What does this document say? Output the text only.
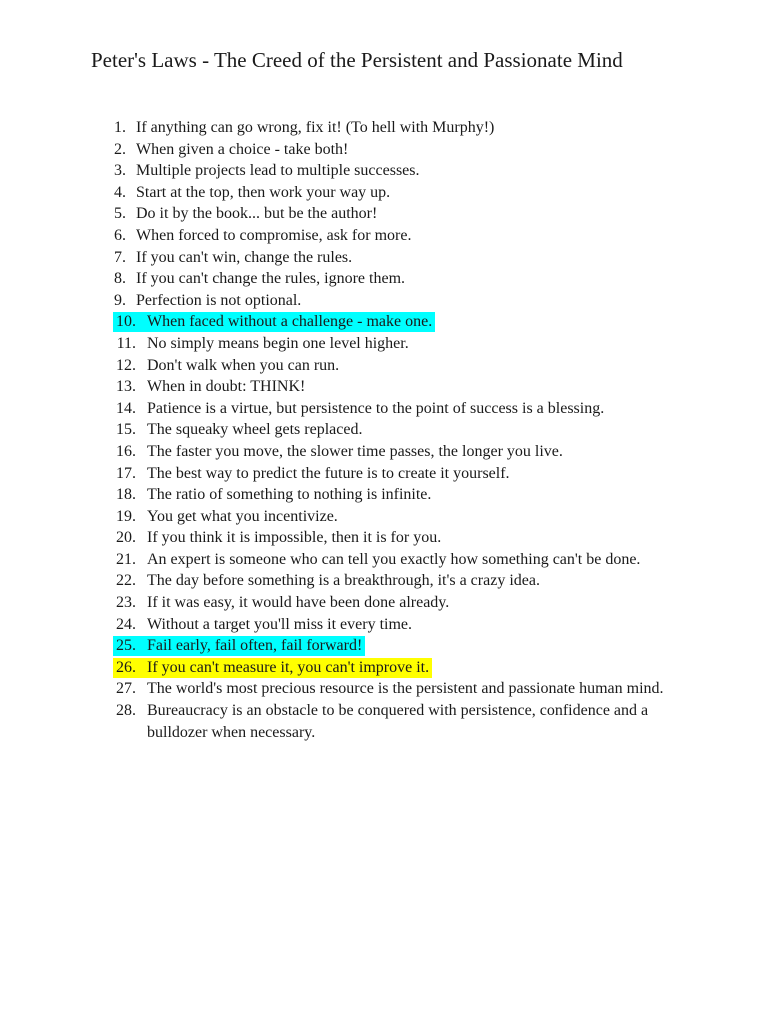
Peter's Laws - The Creed of the Persistent and Passionate Mind
1. If anything can go wrong, fix it! (To hell with Murphy!)
2. When given a choice - take both!
3. Multiple projects lead to multiple successes.
4. Start at the top, then work your way up.
5. Do it by the book... but be the author!
6. When forced to compromise, ask for more.
7. If you can't win, change the rules.
8. If you can't change the rules, ignore them.
9. Perfection is not optional.
10. When faced without a challenge - make one.
11. No simply means begin one level higher.
12. Don't walk when you can run.
13. When in doubt: THINK!
14. Patience is a virtue, but persistence to the point of success is a blessing.
15. The squeaky wheel gets replaced.
16. The faster you move, the slower time passes, the longer you live.
17. The best way to predict the future is to create it yourself.
18. The ratio of something to nothing is infinite.
19. You get what you incentivize.
20. If you think it is impossible, then it is for you.
21. An expert is someone who can tell you exactly how something can't be done.
22. The day before something is a breakthrough, it's a crazy idea.
23. If it was easy, it would have been done already.
24. Without a target you'll miss it every time.
25. Fail early, fail often, fail forward!
26. If you can't measure it, you can't improve it.
27. The world's most precious resource is the persistent and passionate human mind.
28. Bureaucracy is an obstacle to be conquered with persistence, confidence and a bulldozer when necessary.
